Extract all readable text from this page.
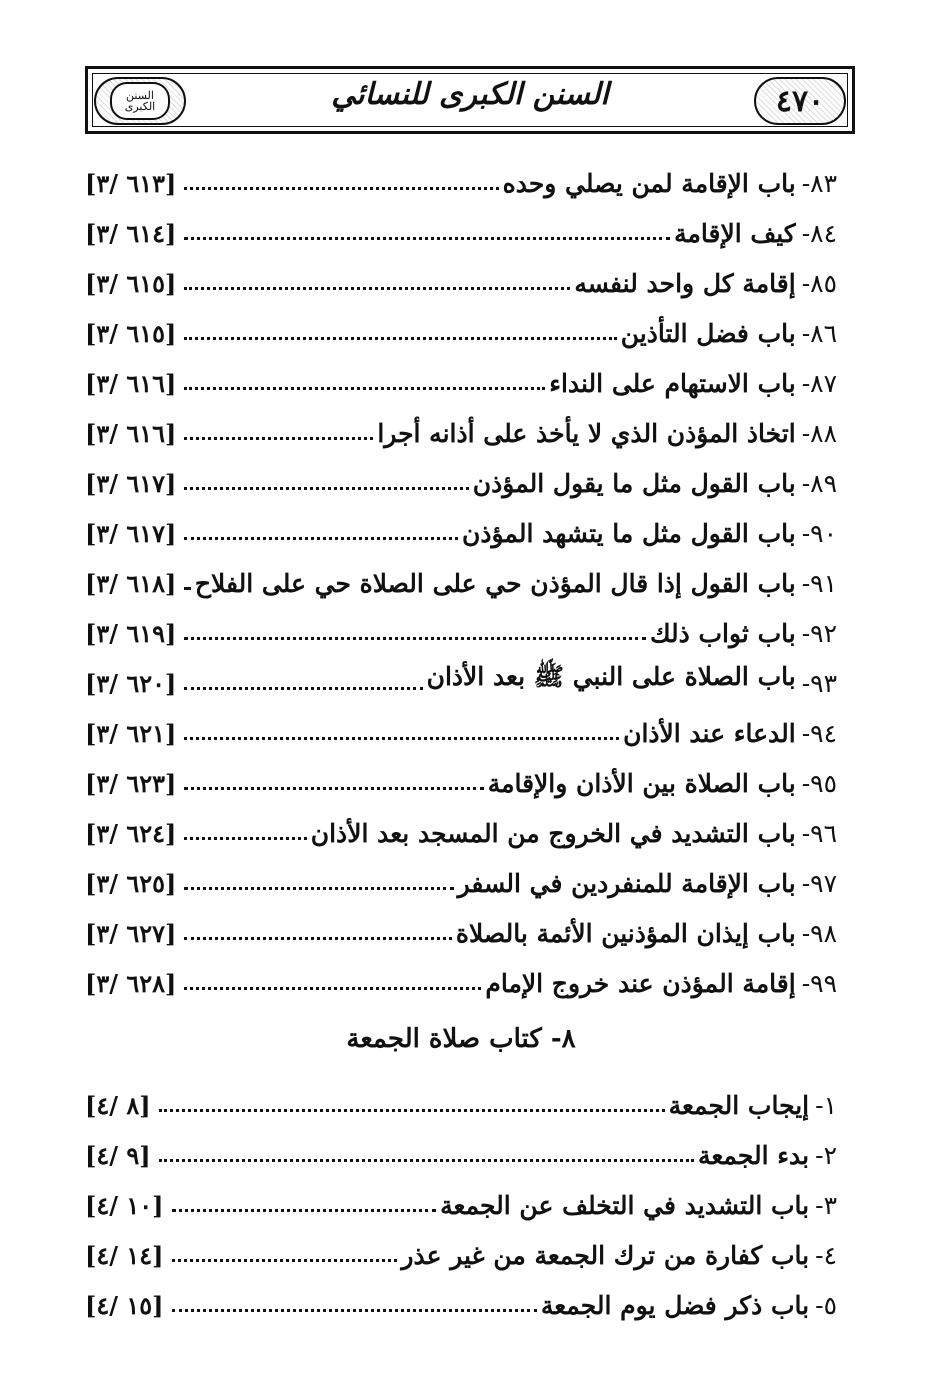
السنن الكبرى	السنن الكبرى للنسائي	٤٧٠
٨٣-
باب الإقامة لمن يصلي وحده
[٦١٣ /٣]
٨٤-
كيف الإقامة
[٦١٤ /٣]
٨٥-
إقامة كل واحد لنفسه
[٦١٥ /٣]
٨٦-
باب فضل التأذين
[٦١٥ /٣]
٨٧-
باب الاستهام على النداء
[٦١٦ /٣]
٨٨-
اتخاذ المؤذن الذي لا يأخذ على أذانه أجرا
[٦١٦ /٣]
٨٩-
باب القول مثل ما يقول المؤذن
[٦١٧ /٣]
٩٠-
باب القول مثل ما يتشهد المؤذن
[٦١٧ /٣]
٩١-
باب القول إذا قال المؤذن حي على الصلاة حي على الفلاح
[٦١٨ /٣]
٩٢-
باب ثواب ذلك
[٦١٩ /٣]
٩٣-
باب الصلاة على النبي ﷺ بعد الأذان
[٦٢٠ /٣]
٩٤-
الدعاء عند الأذان
[٦٢١ /٣]
٩٥-
باب الصلاة بين الأذان والإقامة
[٦٢٣ /٣]
٩٦-
باب التشديد في الخروج من المسجد بعد الأذان
[٦٢٤ /٣]
٩٧-
باب الإقامة للمنفردين في السفر
[٦٢٥ /٣]
٩٨-
باب إيذان المؤذنين الأئمة بالصلاة
[٦٢٧ /٣]
٩٩-
إقامة المؤذن عند خروج الإمام
[٦٢٨ /٣]
٨- كتاب صلاة الجمعة
١-
إيجاب الجمعة
[٨ /٤]
٢-
بدء الجمعة
[٩ /٤]
٣-
باب التشديد في التخلف عن الجمعة
[١٠ /٤]
٤-
باب كفارة من ترك الجمعة من غير عذر
[١٤ /٤]
٥-
باب ذكر فضل يوم الجمعة
[١٥ /٤]
